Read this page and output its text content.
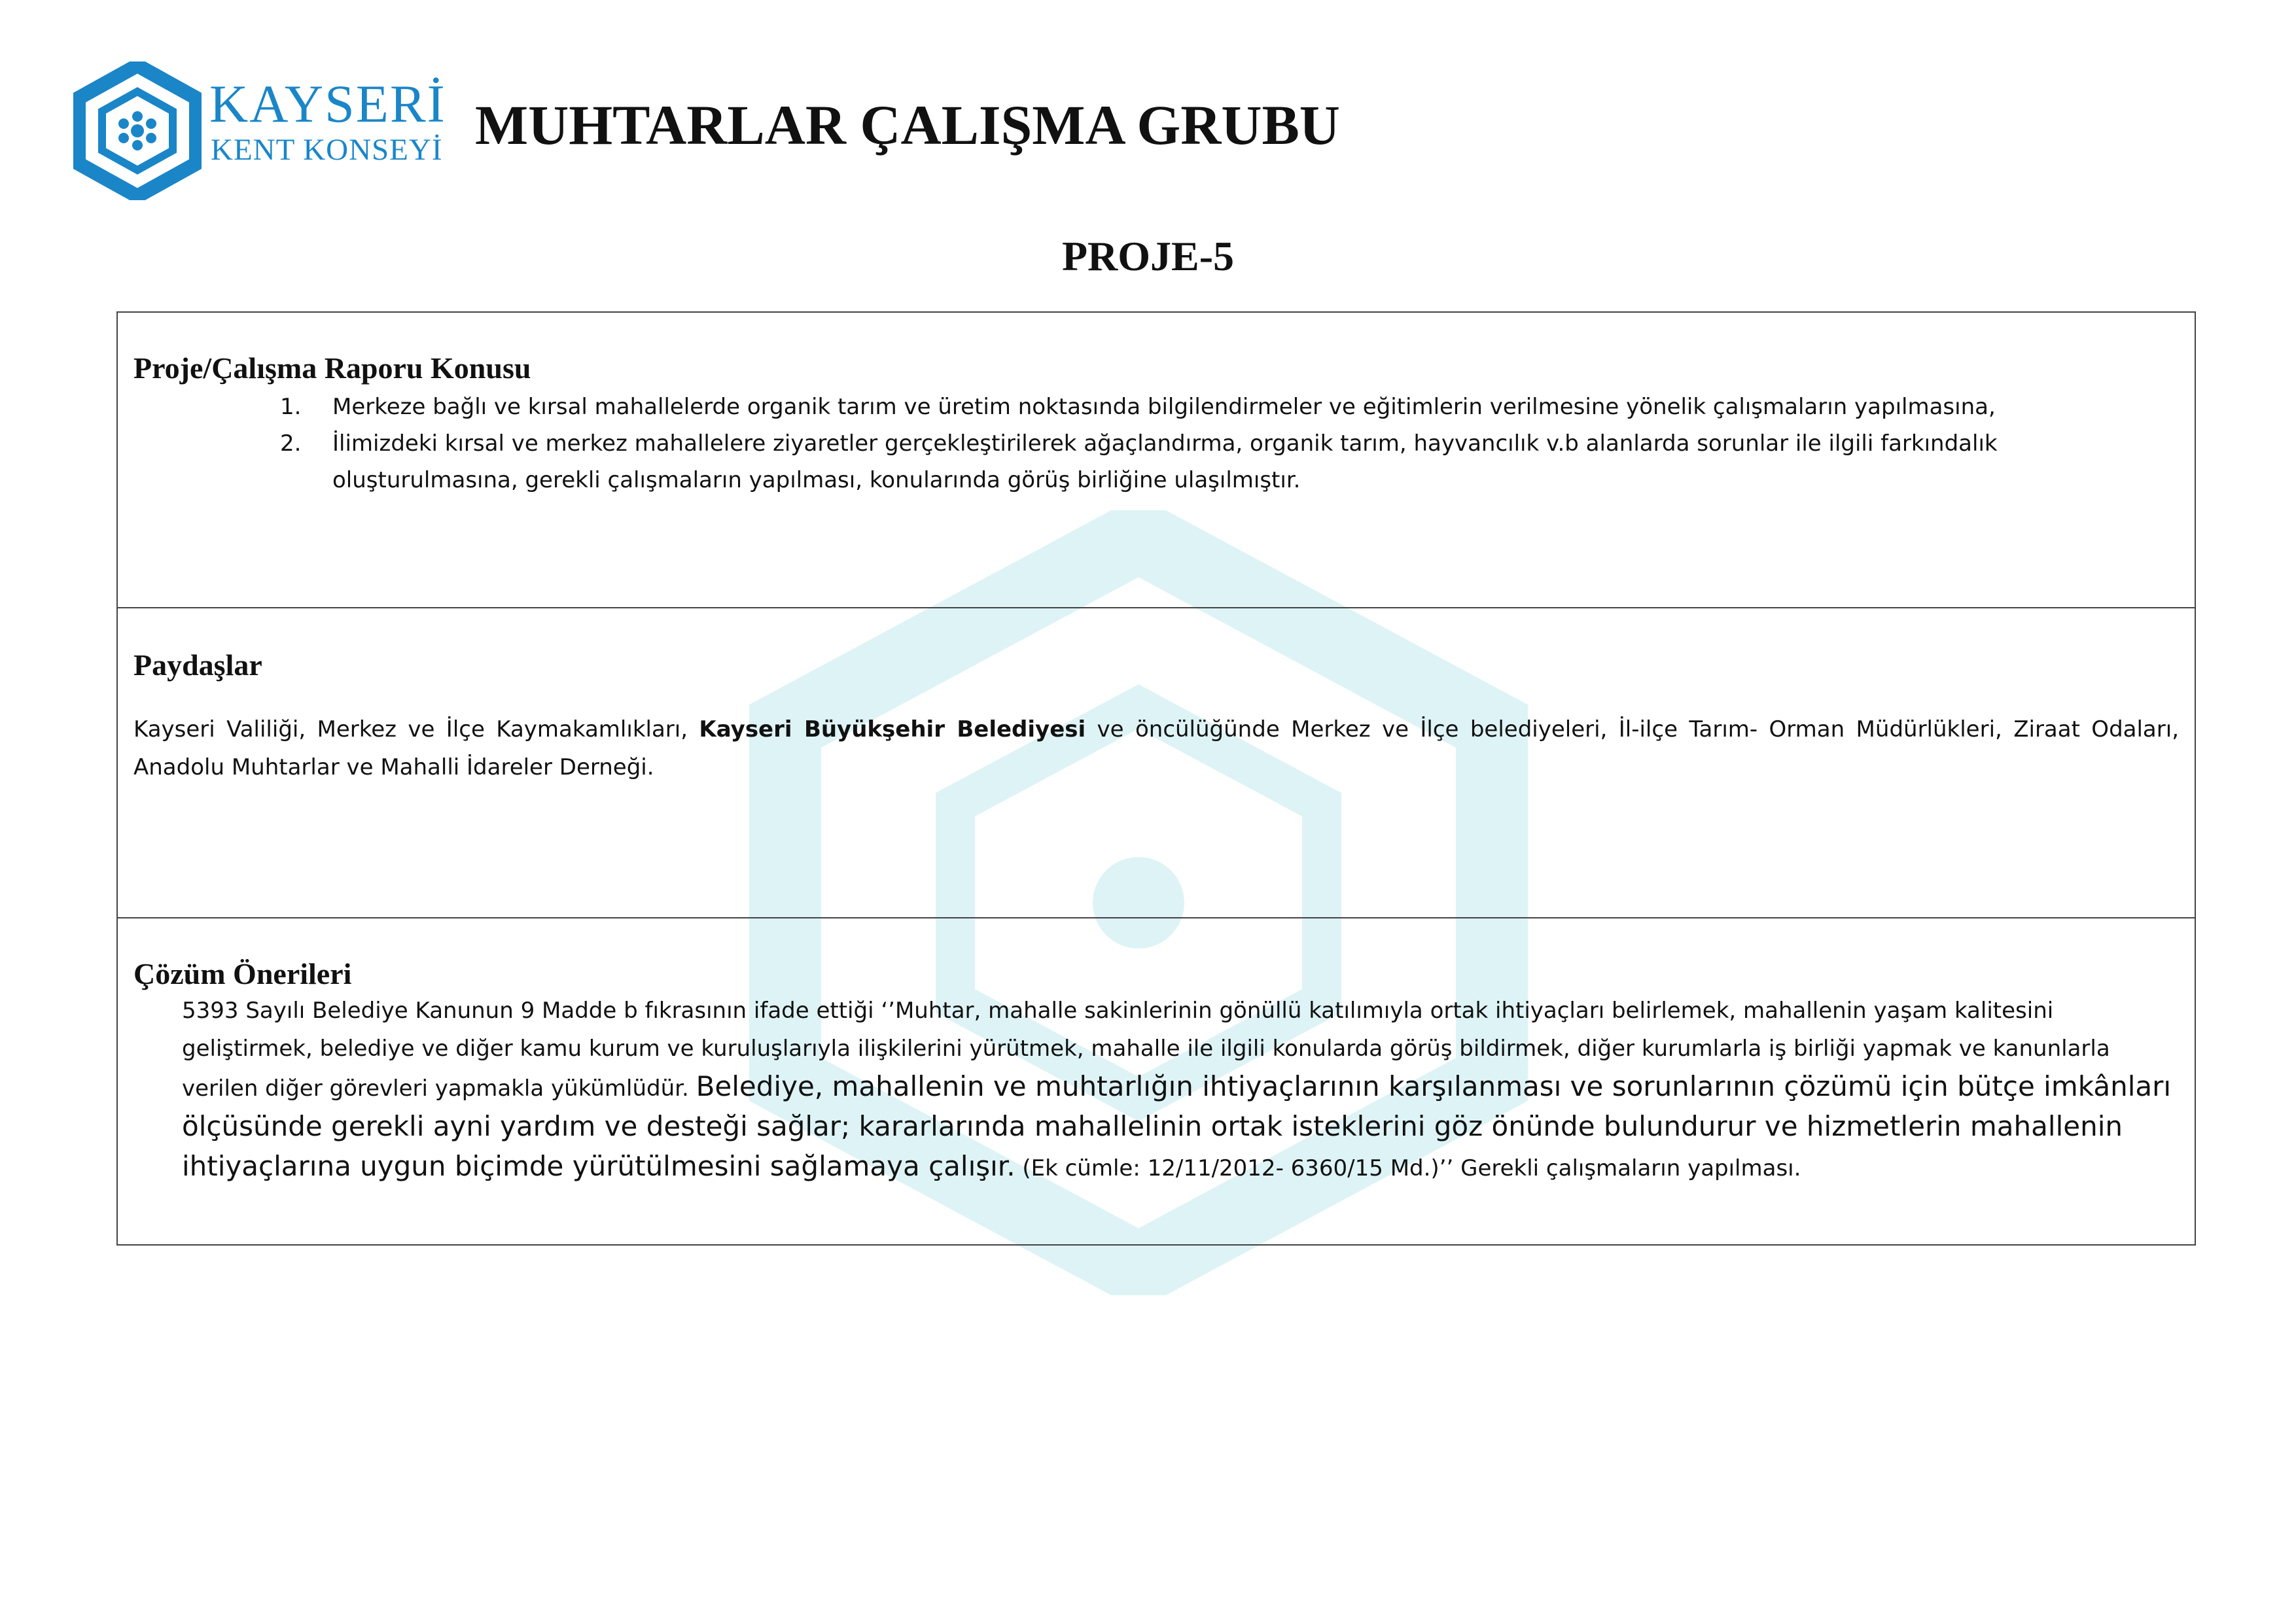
KAYSERİ
KENT KONSEYİ MUHTARLAR ÇALIŞMA GRUBU
PROJE-5
Proje/Çalışma Raporu Konusu
1.	Merkeze bağlı ve kırsal mahallelerde organik tarım ve üretim noktasında bilgilendirmeler ve eğitimlerin verilmesine yönelik çalışmaların yapılmasına,
2.	İlimizdeki kırsal ve merkez mahallelere ziyaretler gerçekleştirilerek ağaçlandırma, organik tarım, hayvancılık v.b alanlarda sorunlar ile ilgili farkındalık oluşturulmasına, gerekli çalışmaların yapılması, konularında görüş birliğine ulaşılmıştır.
Paydaşlar
Kayseri Valiliği, Merkez ve İlçe Kaymakamlıkları, Kayseri Büyükşehir Belediyesi ve öncülüğünde Merkez ve İlçe belediyeleri, İl-ilçe Tarım- Orman Müdürlükleri, Ziraat Odaları, Anadolu Muhtarlar ve Mahalli İdareler Derneği.
Çözüm Önerileri
5393 Sayılı Belediye Kanunun 9 Madde b fıkrasının ifade ettiği ‘’Muhtar, mahalle sakinlerinin gönüllü katılımıyla ortak ihtiyaçları belirlemek, mahallenin yaşam kalitesini geliştirmek, belediye ve diğer kamu kurum ve kuruluşlarıyla ilişkilerini yürütmek, mahalle ile ilgili konularda görüş bildirmek, diğer kurumlarla iş birliği yapmak ve kanunlarla verilen diğer görevleri yapmakla yükümlüdür. Belediye, mahallenin ve muhtarlığın ihtiyaçlarının karşılanması ve sorunlarının çözümü için bütçe imkânları ölçüsünde gerekli ayni yardım ve desteği sağlar; kararlarında mahallelinin ortak isteklerini göz önünde bulundurur ve hizmetlerin mahallenin ihtiyaçlarına uygun biçimde yürütülmesini sağlamaya çalışır. (Ek cümle: 12/11/2012- 6360/15 Md.)’’ Gerekli çalışmaların yapılması.
